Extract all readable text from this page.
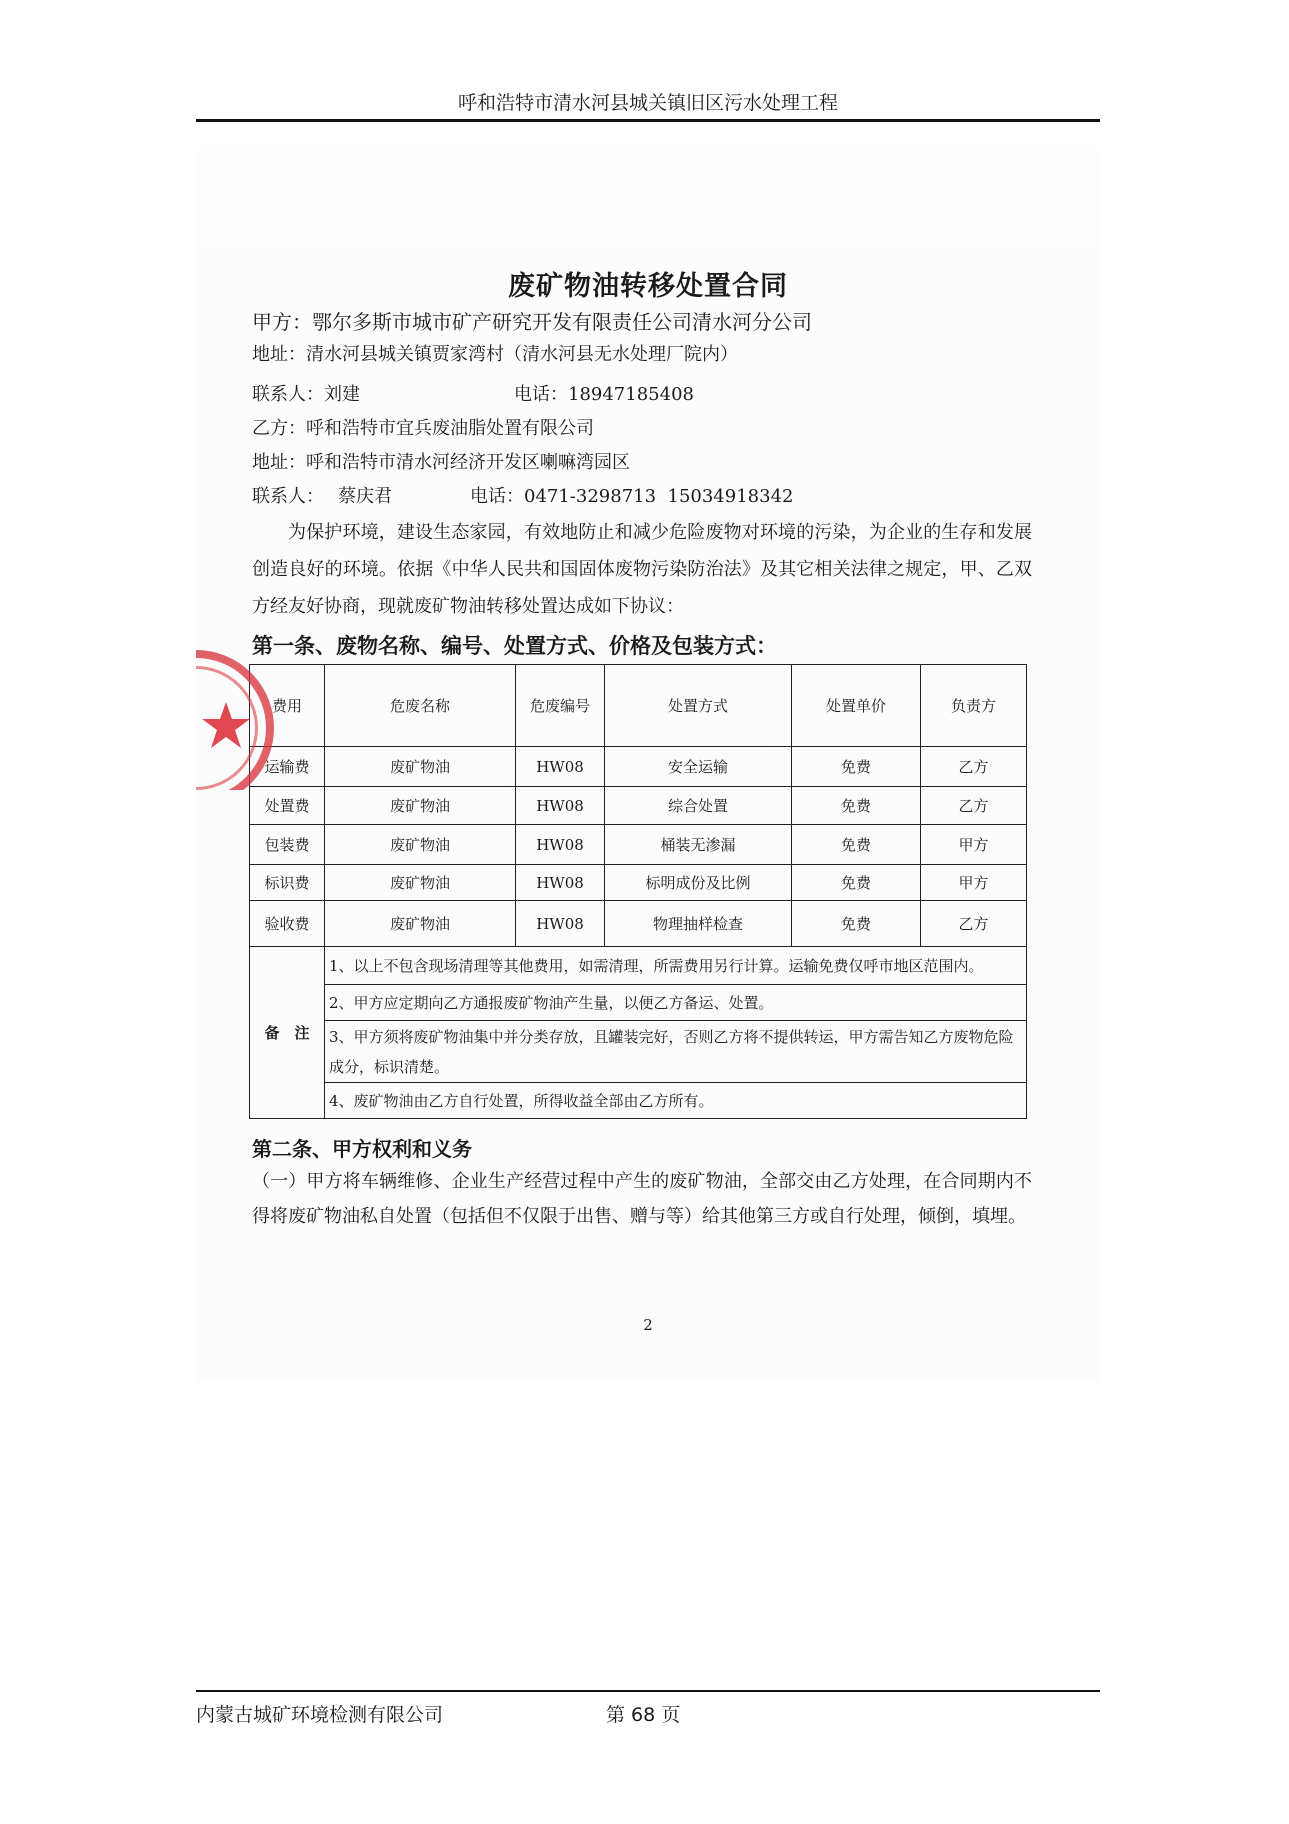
呼和浩特市清水河县城关镇旧区污水处理工程
废矿物油转移处置合同
甲方：鄂尔多斯市城市矿产研究开发有限责任公司清水河分公司
地址：清水河县城关镇贾家湾村（清水河县无水处理厂院内）
联系人：刘建	电话：18947185408
乙方：呼和浩特市宜兵废油脂处置有限公司
地址：呼和浩特市清水河经济开发区喇嘛湾园区
联系人： 蔡庆君	电话：0471-3298713  15034918342
为保护环境，建设生态家园，有效地防止和减少危险废物对环境的污染，为企业的生存和发展创造良好的环境。依据《中华人民共和国固体废物污染防治法》及其它相关法律之规定，甲、乙双方经友好协商，现就废矿物油转移处置达成如下协议：
第一条、废物名称、编号、处置方式、价格及包装方式：
费用	危废名称	危废编号	处置方式	处置单价	负责方
运输费	废矿物油	HW08	安全运输	免费	乙方
处置费	废矿物油	HW08	综合处置	免费	乙方
包装费	废矿物油	HW08	桶装无渗漏	免费	甲方
标识费	废矿物油	HW08	标明成份及比例	免费	甲方
验收费	废矿物油	HW08	物理抽样检查	免费	乙方
备　注	1、以上不包含现场清理等其他费用，如需清理，所需费用另行计算。运输免费仅呼市地区范围内。				
	2、甲方应定期向乙方通报废矿物油产生量，以便乙方备运、处置。				
	3、甲方须将废矿物油集中并分类存放，且罐装完好，否则乙方将不提供转运，甲方需告知乙方废物危险成分，标识清楚。				
	4、废矿物油由乙方自行处置，所得收益全部由乙方所有。				
第二条、甲方权利和义务
（一）甲方将车辆维修、企业生产经营过程中产生的废矿物油，全部交由乙方处理，在合同期内不得将废矿物油私自处置（包括但不仅限于出售、赠与等）给其他第三方或自行处理，倾倒，填埋。
2
内蒙古城矿环境检测有限公司	第 68 页
